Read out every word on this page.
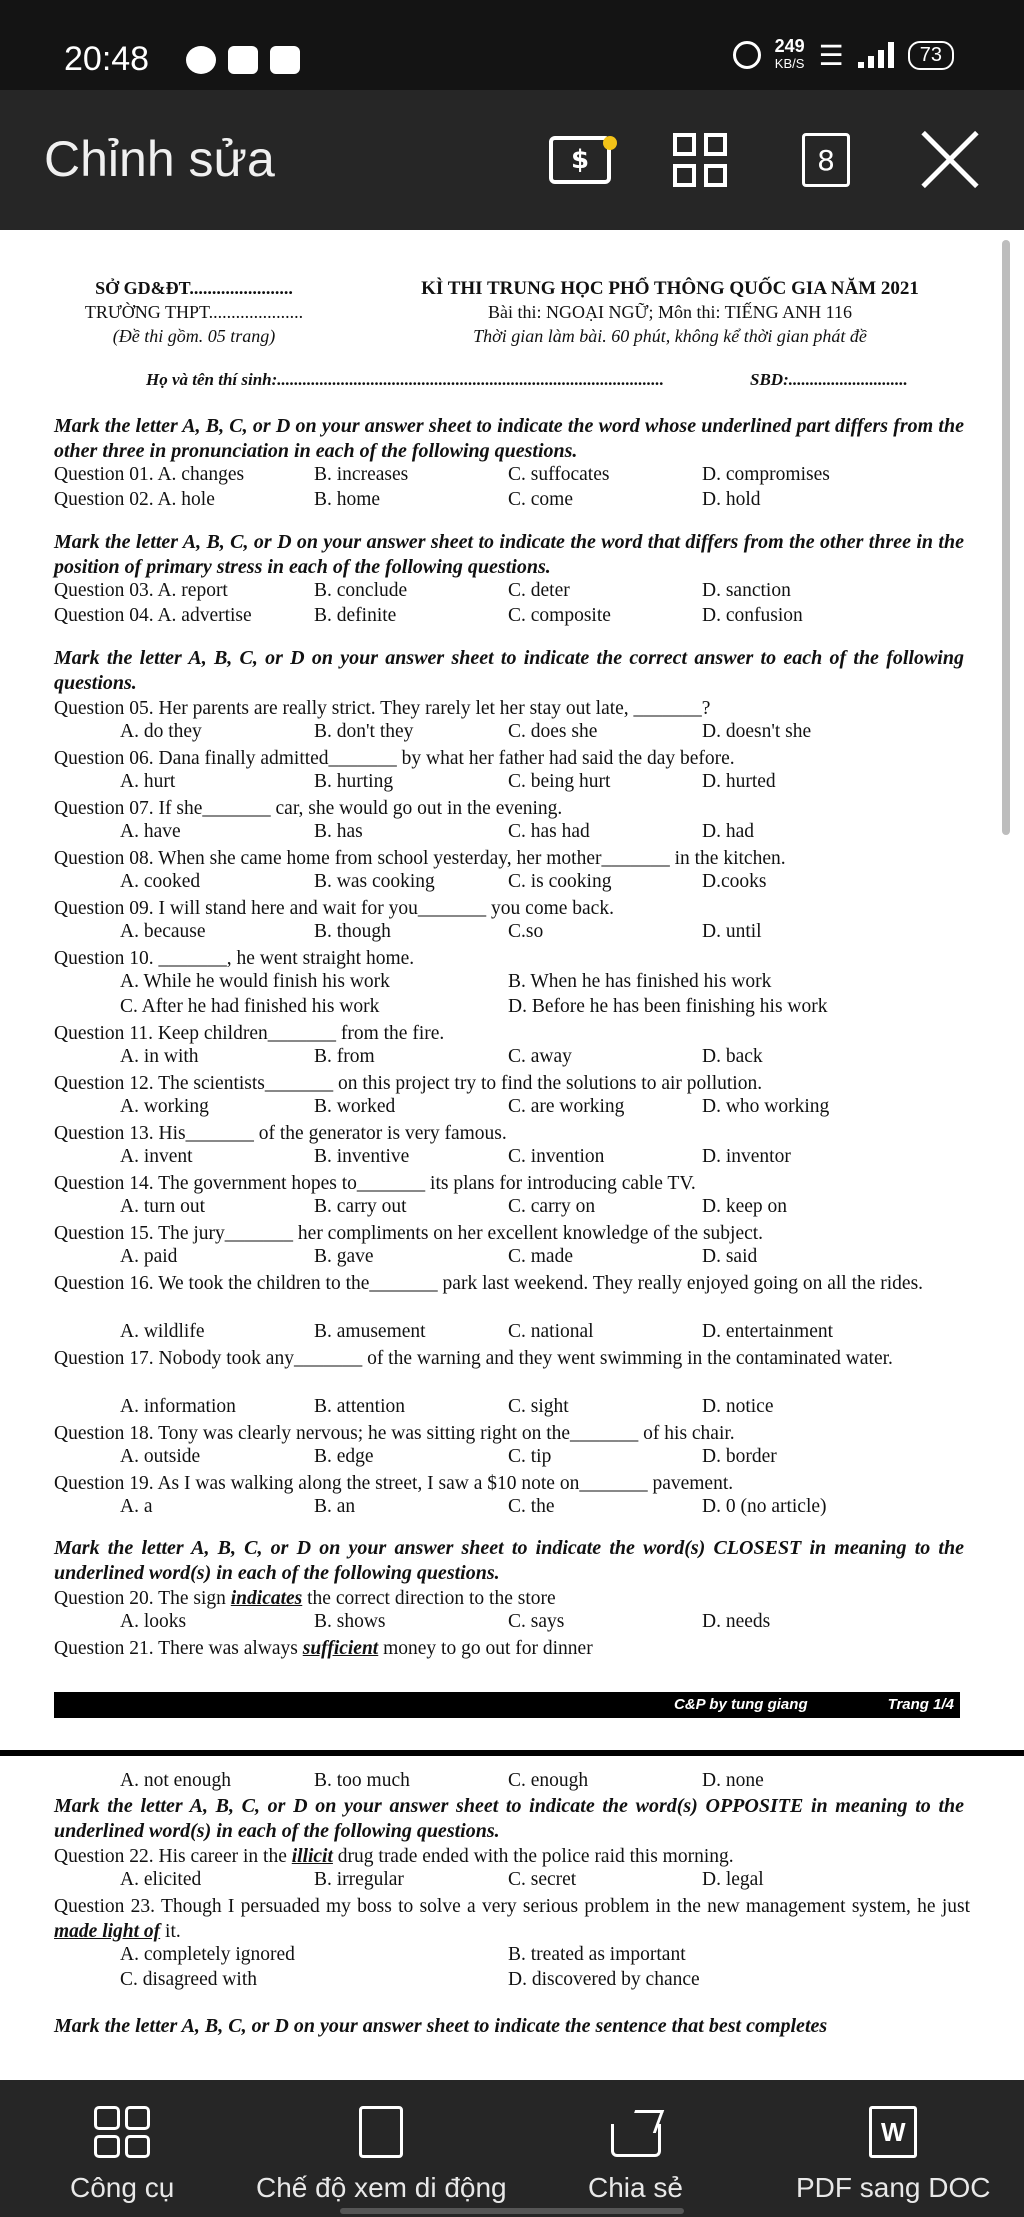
20:48	249
KB/S ☰	73
Chỉnh sửa	$	8
SỞ GD&ĐT.......................
TRƯỜNG THPT.....................
(Đề thi gồm. 05 trang)
KÌ THI TRUNG HỌC PHỔ THÔNG QUỐC GIA NĂM 2021
Bài thi: NGOẠI NGỮ; Môn thi: TIẾNG ANH 116
Thời gian làm bài. 60 phút, không kể thời gian phát đề
Họ và tên thí sinh:...........................................................................................	SBD:............................
Mark the letter A, B, C, or D on your answer sheet to indicate the word whose underlined part differs from the other three in pronunciation in each of the following questions.
Question 01. A. changes	B. increases	C. suffocates	D. compromises
Question 02. A. hole	B. home	C. come	D. hold
Mark the letter A, B, C, or D on your answer sheet to indicate the word that differs from the other three in the position of primary stress in each of the following questions.
Question 03. A. report	B. conclude	C. deter	D. sanction
Question 04. A. advertise	B. definite	C. composite	D. confusion
Mark the letter A, B, C, or D on your answer sheet to indicate the correct answer to each of the following questions.
Question 05. Her parents are really strict. They rarely let her stay out late, _______?
A. do they	B. don't they	C. does she	D. doesn't she
Question 06. Dana finally admitted_______ by what her father had said the day before.
A. hurt	B. hurting	C. being hurt	D. hurted
Question 07. If she_______ car, she would go out in the evening.
A. have	B. has	C. has had	D. had
Question 08. When she came home from school yesterday, her mother_______ in the kitchen.
A. cooked	B. was cooking	C. is cooking	D.cooks
Question 09. I will stand here and wait for you_______ you come back.
A. because	B. though	C.so	D. until
Question 10. _______, he went straight home.
A. While he would finish his work	B. When he has finished his work
C. After he had finished his work	D. Before he has been finishing his work
Question 11. Keep children_______ from the fire.
A. in with	B. from	C. away	D. back
Question 12. The scientists_______ on this project try to find the solutions to air pollution.
A. working	B. worked	C. are working	D. who working
Question 13. His_______ of the generator is very famous.
A. invent	B. inventive	C. invention	D. inventor
Question 14. The government hopes to_______ its plans for introducing cable TV.
A. turn out	B. carry out	C. carry on	D. keep on
Question 15. The jury_______ her compliments on her excellent knowledge of the subject.
A. paid	B. gave	C. made	D. said
Question 16. We took the children to the_______ park last weekend. They really enjoyed going on all the rides.
A. wildlife	B. amusement	C. national	D. entertainment
Question 17. Nobody took any_______ of the warning and they went swimming in the contaminated water.
A. information	B. attention	C. sight	D. notice
Question 18. Tony was clearly nervous; he was sitting right on the_______ of his chair.
A. outside	B. edge	C. tip	D. border
Question 19. As I was walking along the street, I saw a $10 note on_______ pavement.
A. a	B. an	C. the	D. 0 (no article)
Mark the letter A, B, C, or D on your answer sheet to indicate the word(s) CLOSEST in meaning to the underlined word(s) in each of the following questions.
Question 20. The sign indicates the correct direction to the store
A. looks	B. shows	C. says	D. needs
Question 21. There was always sufficient money to go out for dinner
C&P by tung giang	Trang 1/4
A. not enough	B. too much	C. enough	D. none
Mark the letter A, B, C, or D on your answer sheet to indicate the word(s) OPPOSITE in meaning to the underlined word(s) in each of the following questions.
Question 22. His career in the illicit drug trade ended with the police raid this morning.
A. elicited	B. irregular	C. secret	D. legal
Question 23. Though I persuaded my boss to solve a very serious problem in the new management system, he just made light of it.
A. completely ignored	B. treated as important
C. disagreed with	D. discovered by chance
Mark the letter A, B, C, or D on your answer sheet to indicate the sentence that best completes
Công cụ	Chế độ xem di động	Chia sẻ
W
PDF sang DOC
